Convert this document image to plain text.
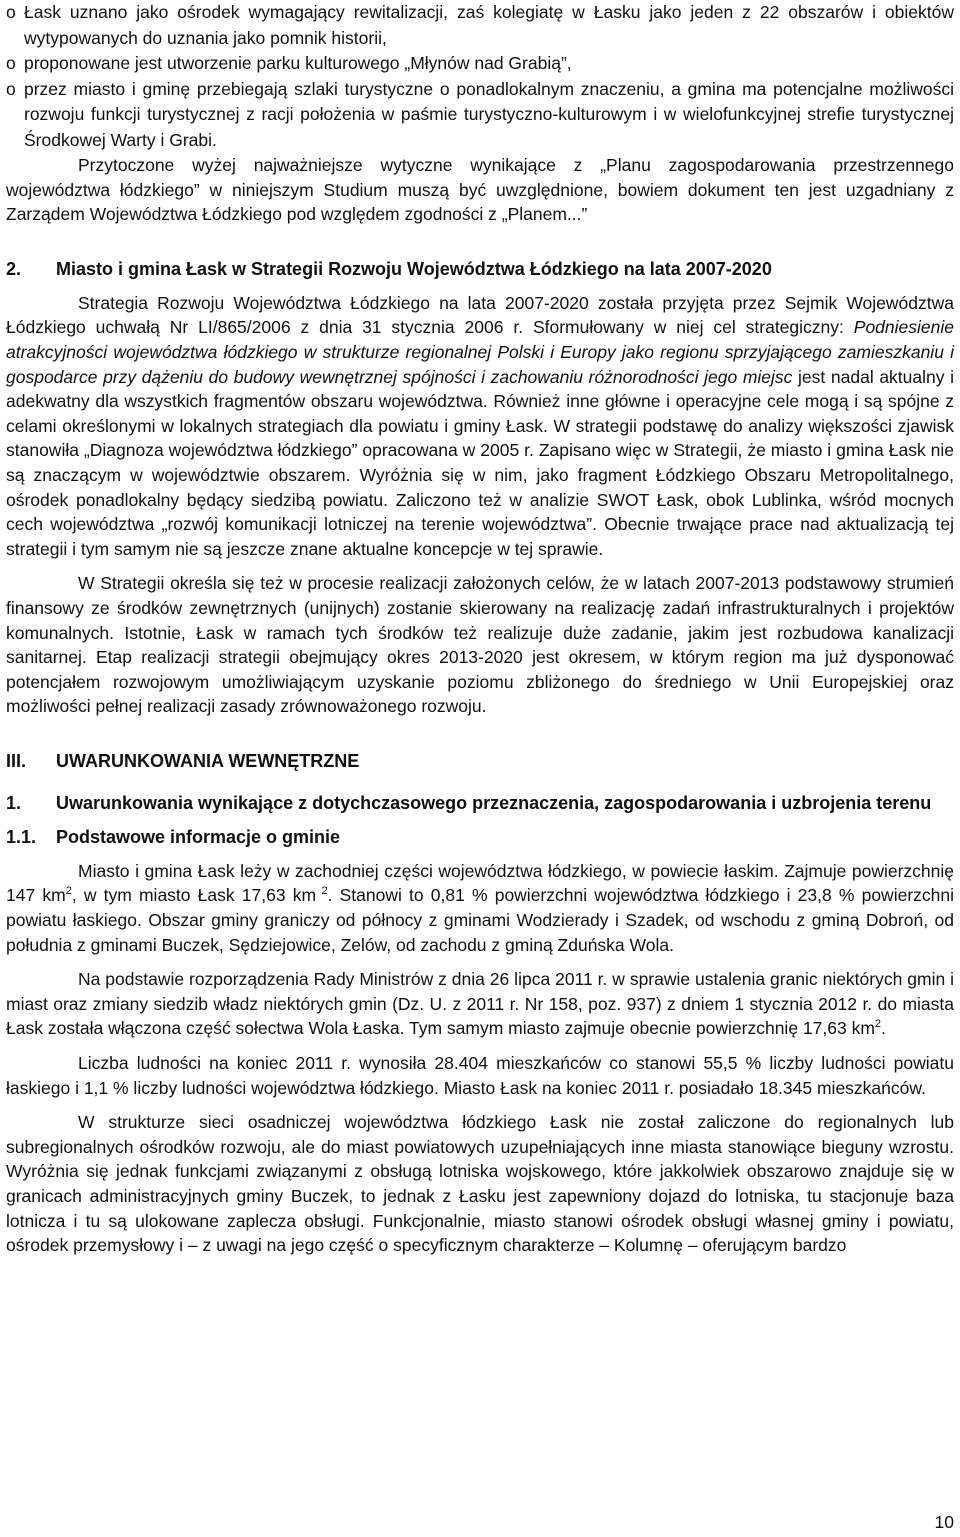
o Łask uznano jako ośrodek wymagający rewitalizacji, zaś kolegiatę w Łasku jako jeden z 22 obszarów i obiektów wytypowanych do uznania jako pomnik historii,
o proponowane jest utworzenie parku kulturowego „Młynów nad Grabią”,
o przez miasto i gminę przebiegają szlaki turystyczne o ponadlokalnym znaczeniu, a gmina ma potencjalne możliwości rozwoju funkcji turystycznej z racji położenia w paśmie turystyczno-kulturowym i w wielofunkcyjnej strefie turystycznej Środkowej Warty i Grabi.

Przytoczone wyżej najważniejsze wytyczne wynikające z „Planu zagospodarowania przestrzennego województwa łódzkiego” w niniejszym Studium muszą być uwzględnione, bowiem dokument ten jest uzgadniany z Zarządem Województwa Łódzkiego pod względem zgodności z „Planem...”

2.	Miasto i gmina Łask w Strategii Rozwoju Województwa Łódzkiego na lata 2007-2020

Strategia Rozwoju Województwa Łódzkiego na lata 2007-2020 została przyjęta przez Sejmik Województwa Łódzkiego uchwałą Nr LI/865/2006 z dnia 31 stycznia 2006 r. Sformułowany w niej cel strategiczny: Podniesienie atrakcyjności województwa łódzkiego w strukturze regionalnej Polski i Europy jako regionu sprzyjającego zamieszkaniu i gospodarce przy dążeniu do budowy wewnętrznej spójności i zachowaniu różnorodności jego miejsc jest nadal aktualny i adekwatny dla wszystkich fragmentów obszaru województwa. Również inne główne i operacyjne cele mogą i są spójne z celami określonymi w lokalnych strategiach dla powiatu i gminy Łask. W strategii podstawę do analizy większości zjawisk stanowiła „Diagnoza województwa łódzkiego” opracowana w 2005 r. Zapisano więc w Strategii, że miasto i gmina Łask nie są znaczącym w województwie obszarem. Wyróżnia się w nim, jako fragment Łódzkiego Obszaru Metropolitalnego, ośrodek ponadlokalny będący siedzibą powiatu. Zaliczono też w analizie SWOT Łask, obok Lublinka, wśród mocnych cech województwa „rozwój komunikacji lotniczej na terenie województwa”. Obecnie trwające prace nad aktualizacją tej strategii i tym samym nie są jeszcze znane aktualne koncepcje w tej sprawie.

W Strategii określa się też w procesie realizacji założonych celów, że w latach 2007-2013 podstawowy strumień finansowy ze środków zewnętrznych (unijnych) zostanie skierowany na realizację zadań infrastrukturalnych i projektów komunalnych. Istotnie, Łask w ramach tych środków też realizuje duże zadanie, jakim jest rozbudowa kanalizacji sanitarnej. Etap realizacji strategii obejmujący okres 2013-2020 jest okresem, w którym region ma już dysponować potencjałem rozwojowym umożliwiającym uzyskanie poziomu zbliżonego do średniego w Unii Europejskiej oraz możliwości pełnej realizacji zasady zrównoważonego rozwoju.

III.	UWARUNKOWANIA WEWNĘTRZNE
1.	Uwarunkowania wynikające z dotychczasowego przeznaczenia, zagospodarowania i uzbrojenia terenu
1.1.	Podstawowe informacje o gminie

Miasto i gmina Łask leży w zachodniej części województwa łódzkiego, w powiecie łaskim. Zajmuje powierzchnię 147 $km^2$, w tym miasto Łask 17,63 km $^2$. Stanowi to 0,81 % powierzchni województwa łódzkiego i 23,8 % powierzchni powiatu łaskiego. Obszar gminy graniczy od północy z gminami Wodzierady i Szadek, od wschodu z gminą Dobroń, od południa z gminami Buczek, Sędziejowice, Zelów, od zachodu z gminą Zduńska Wola.

Na podstawie rozporządzenia Rady Ministrów z dnia 26 lipca 2011 r. w sprawie ustalenia granic niektórych gmin i miast oraz zmiany siedzib władz niektórych gmin (Dz. U. z 2011 r. Nr 158, poz. 937) z dniem 1 stycznia 2012 r. do miasta Łask została włączona część sołectwa Wola Łaska. Tym samym miasto zajmuje obecnie powierzchnię 17,63 $km^2$.

Liczba ludności na koniec 2011 r. wynosiła 28.404 mieszkańców co stanowi 55,5 % liczby ludności powiatu łaskiego i 1,1 % liczby ludności województwa łódzkiego. Miasto Łask na koniec 2011 r. posiadało 18.345 mieszkańców.

W strukturze sieci osadniczej województwa łódzkiego Łask nie został zaliczone do regionalnych lub subregionalnych ośrodków rozwoju, ale do miast powiatowych uzupełniających inne miasta stanowiące bieguny wzrostu. Wyróżnia się jednak funkcjami związanymi z obsługą lotniska wojskowego, które jakkolwiek obszarowo znajduje się w granicach administracyjnych gminy Buczek, to jednak z Łasku jest zapewniony dojazd do lotniska, tu stacjonuje baza lotnicza i tu są ulokowane zaplecza obsługi. Funkcjonalnie, miasto stanowi ośrodek obsługi własnej gminy i powiatu, ośrodek przemysłowy i – z uwagi na jego część o specyficznym charakterze – Kolumnę – oferującym bardzo

10
